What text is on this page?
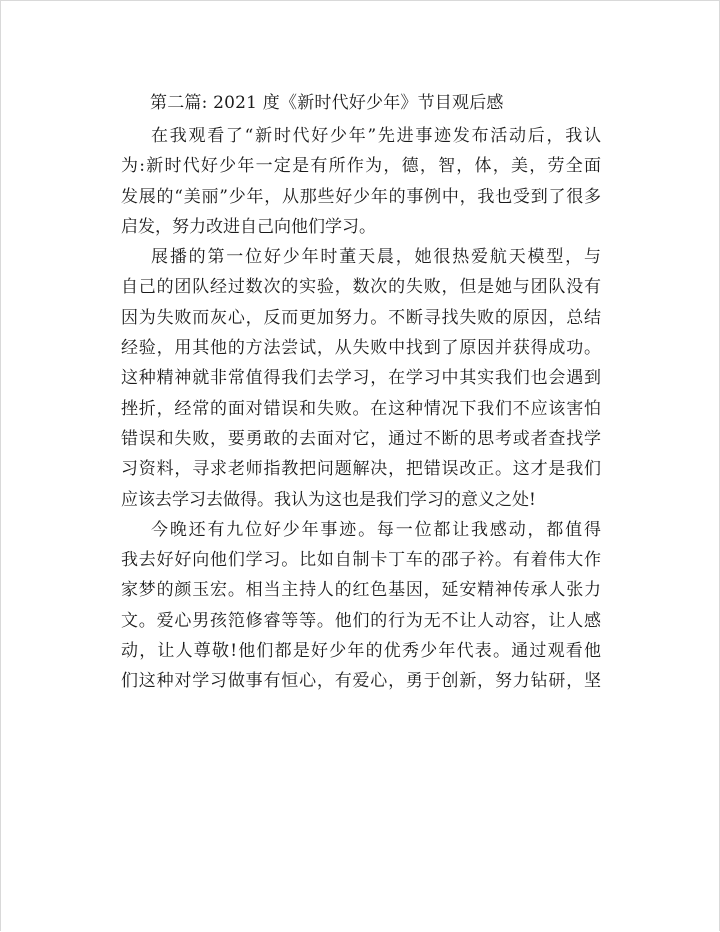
第二篇: 2021 度《新时代好少年》节目观后感
在我观看了“新时代好少年”先进事迹发布活动后，我认
为:新时代好少年一定是有所作为，德，智，体，美，劳全面
发展的“美丽”少年，从那些好少年的事例中，我也受到了很多
启发，努力改进自己向他们学习。
展播的第一位好少年时董天晨，她很热爱航天模型，与
自己的团队经过数次的实验，数次的失败，但是她与团队没有
因为失败而灰心，反而更加努力。不断寻找失败的原因，总结
经验，用其他的方法尝试，从失败中找到了原因并获得成功。
这种精神就非常值得我们去学习，在学习中其实我们也会遇到
挫折，经常的面对错误和失败。在这种情况下我们不应该害怕
错误和失败，要勇敢的去面对它，通过不断的思考或者查找学
习资料，寻求老师指教把问题解决，把错误改正。这才是我们
应该去学习去做得。我认为这也是我们学习的意义之处!
今晚还有九位好少年事迹。每一位都让我感动，都值得
我去好好向他们学习。比如自制卡丁车的邵子衿。有着伟大作
家梦的颜玉宏。相当主持人的红色基因，延安精神传承人张力
文。爱心男孩笵修睿等等。他们的行为无不让人动容，让人感
动，让人尊敬!他们都是好少年的优秀少年代表。通过观看他
们这种对学习做事有恒心，有爱心，勇于创新，努力钻研，坚
